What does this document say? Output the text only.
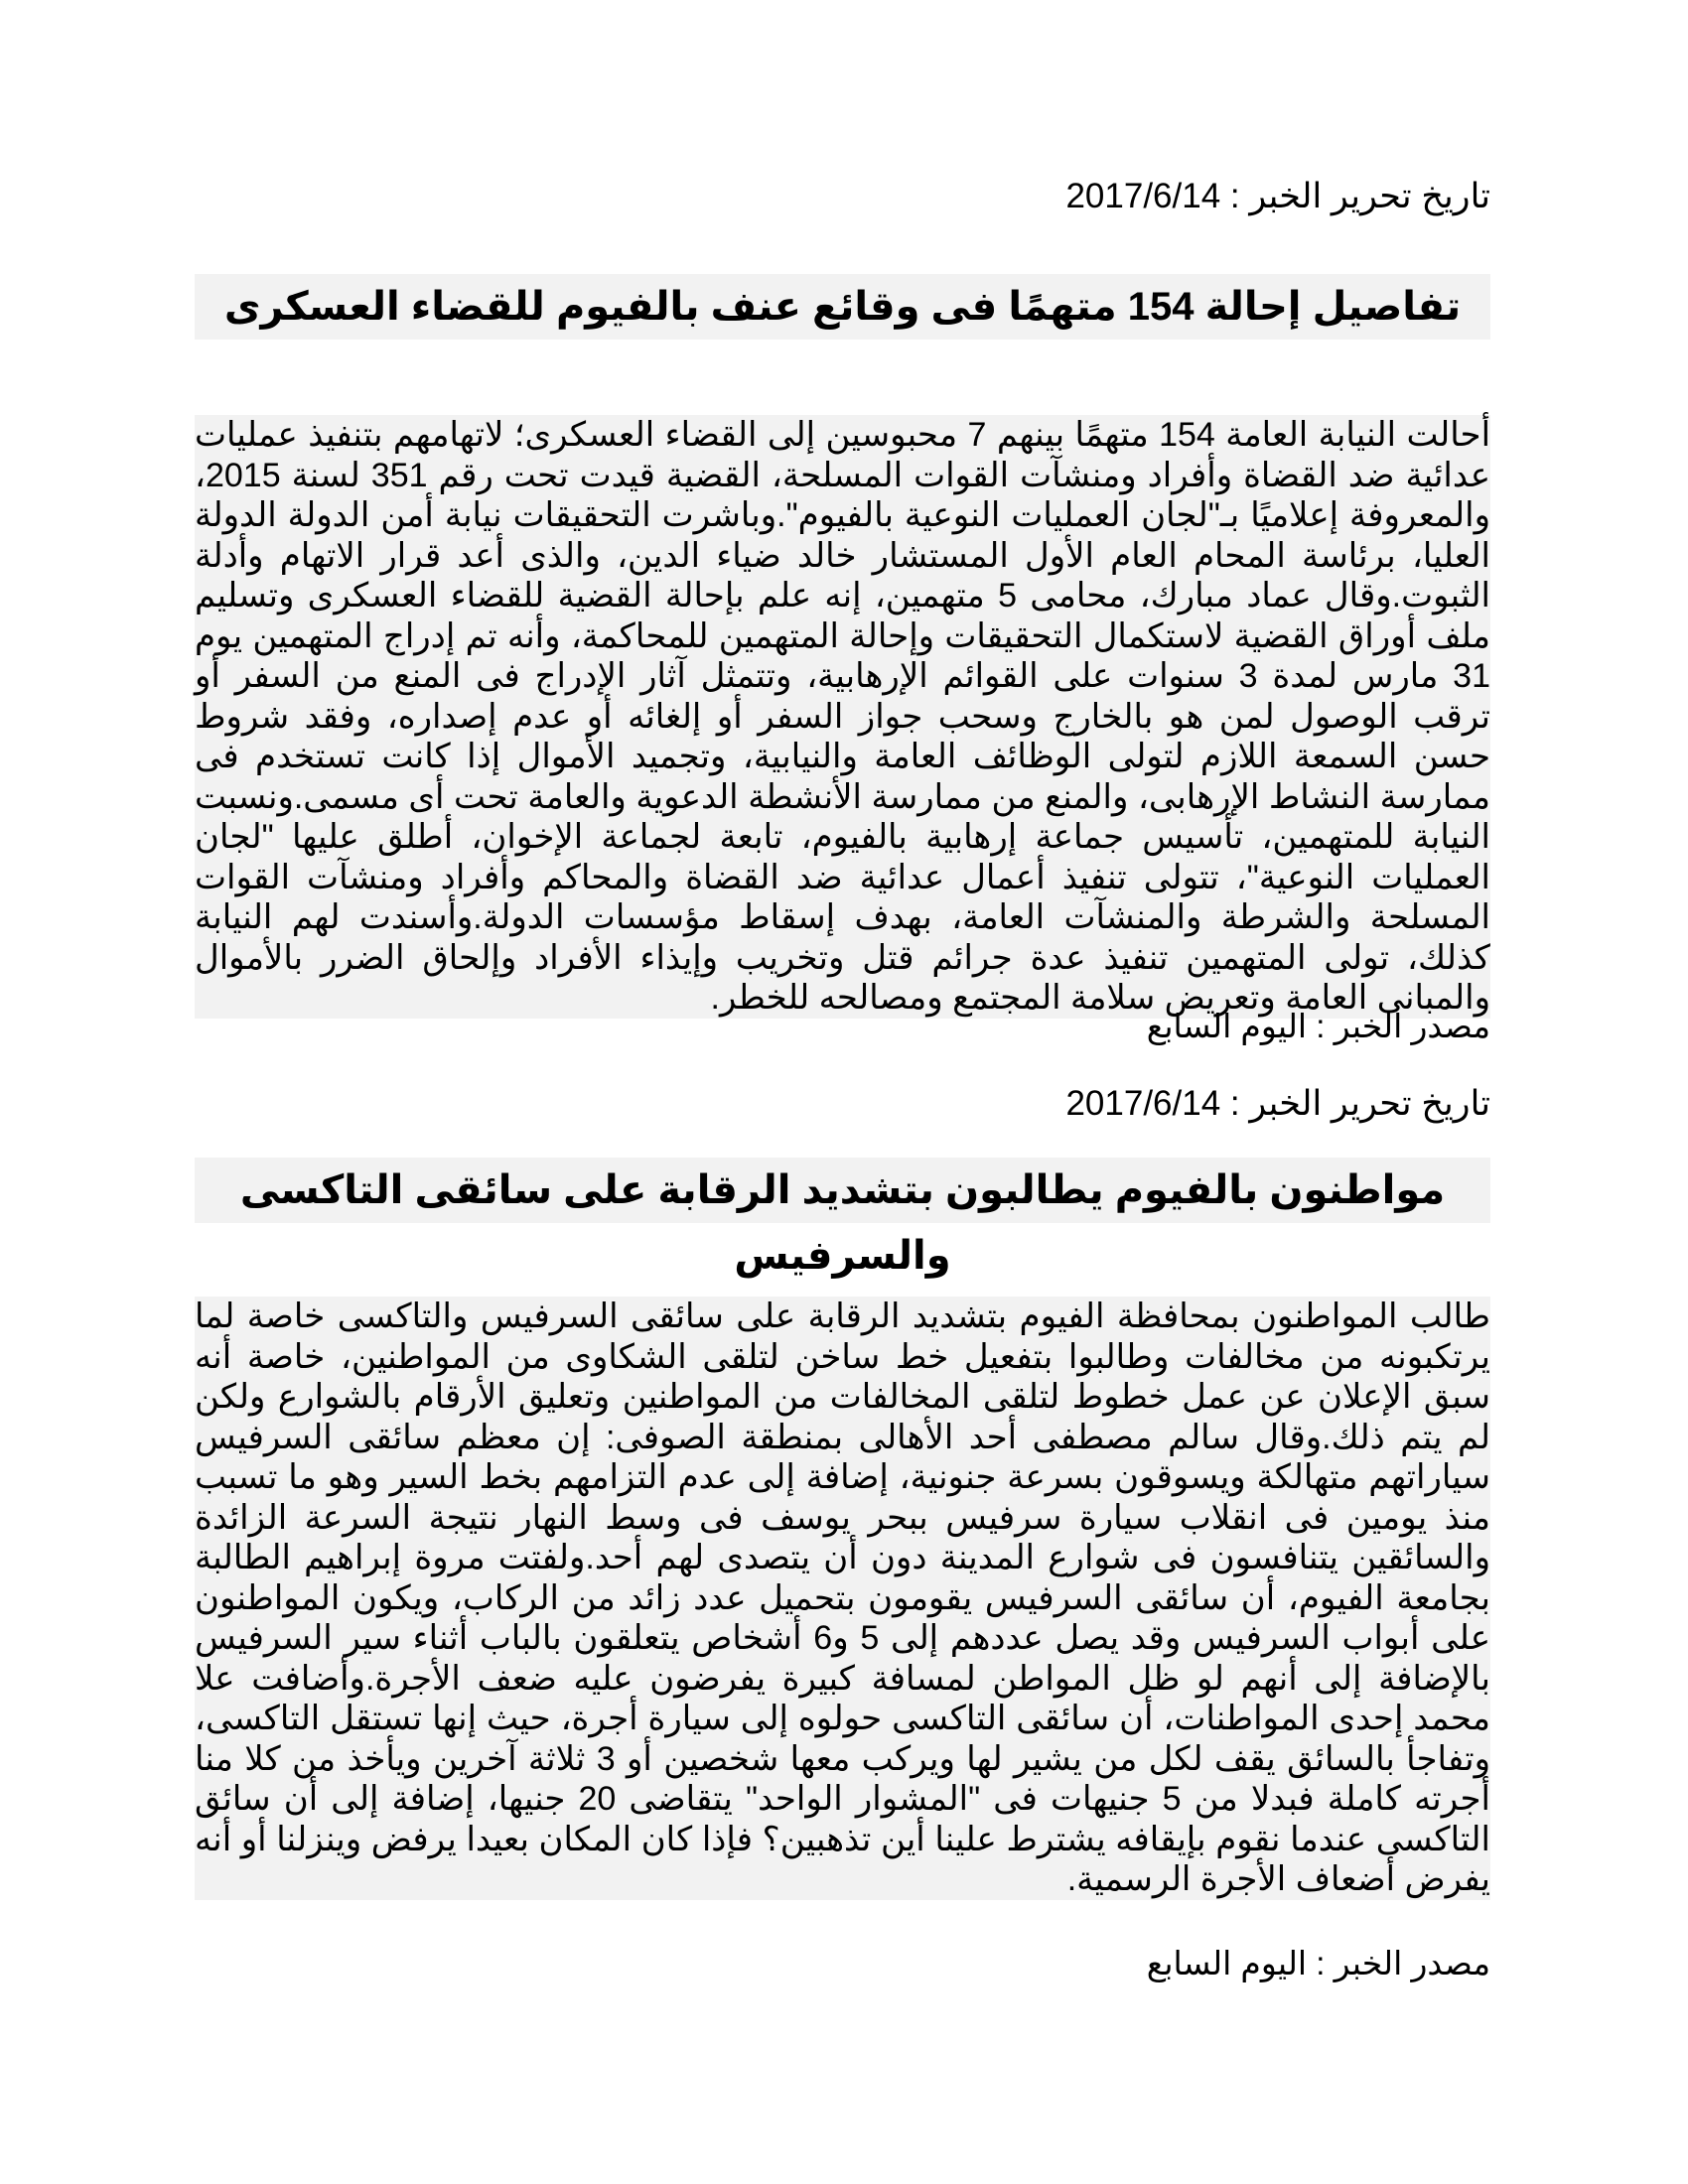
تاريخ تحرير الخبر : 2017/6/14
تفاصيل إحالة 154 متهمًا فى وقائع عنف بالفيوم للقضاء العسكرى
أحالت النيابة العامة 154 متهمًا بينهم 7 محبوسين إلى القضاء العسكرى؛ لاتهامهم بتنفيذ عمليات عدائية ضد القضاة وأفراد ومنشآت القوات المسلحة، القضية قيدت تحت رقم 351 لسنة 2015، والمعروفة إعلاميًا بـ"لجان العمليات النوعية بالفيوم".وباشرت التحقيقات نيابة أمن الدولة الدولة العليا، برئاسة المحام العام الأول المستشار خالد ضياء الدين، والذى أعد قرار الاتهام وأدلة الثبوت.وقال عماد مبارك، محامى 5 متهمين، إنه علم بإحالة القضية للقضاء العسكرى وتسليم ملف أوراق القضية لاستكمال التحقيقات وإحالة المتهمين للمحاكمة، وأنه تم إدراج المتهمين يوم 31 مارس لمدة 3 سنوات على القوائم الإرهابية، وتتمثل آثار الإدراج فى المنع من السفر أو ترقب الوصول لمن هو بالخارج وسحب جواز السفر أو إلغائه أو عدم إصداره، وفقد شروط حسن السمعة اللازم لتولى الوظائف العامة والنيابية، وتجميد الأموال إذا كانت تستخدم فى ممارسة النشاط الإرهابى، والمنع من ممارسة الأنشطة الدعوية والعامة تحت أى مسمى.ونسبت النيابة للمتهمين، تأسيس جماعة إرهابية بالفيوم، تابعة لجماعة الإخوان، أطلق عليها "لجان العمليات النوعية"، تتولى تنفيذ أعمال عدائية ضد القضاة والمحاكم وأفراد ومنشآت القوات المسلحة والشرطة والمنشآت العامة، بهدف إسقاط مؤسسات الدولة.وأسندت لهم النيابة كذلك، تولى المتهمين تنفيذ عدة جرائم قتل وتخريب وإيذاء الأفراد وإلحاق الضرر بالأموال والمبانى العامة وتعريض سلامة المجتمع ومصالحه للخطر.
مصدر الخبر : اليوم السابع
تاريخ تحرير الخبر : 2017/6/14
مواطنون بالفيوم يطالبون بتشديد الرقابة على سائقى التاكسى والسرفيس
طالب المواطنون بمحافظة الفيوم بتشديد الرقابة على سائقى السرفيس والتاكسى خاصة لما يرتكبونه من مخالفات وطالبوا بتفعيل خط ساخن لتلقى الشكاوى من المواطنين، خاصة أنه سبق الإعلان عن عمل خطوط لتلقى المخالفات من المواطنين وتعليق الأرقام بالشوارع ولكن لم يتم ذلك.وقال سالم مصطفى أحد الأهالى بمنطقة الصوفى: إن معظم سائقى السرفيس سياراتهم متهالكة ويسوقون بسرعة جنونية، إضافة إلى عدم التزامهم بخط السير وهو ما تسبب منذ يومين فى انقلاب سيارة سرفيس ببحر يوسف فى وسط النهار نتيجة السرعة الزائدة والسائقين يتنافسون فى شوارع المدينة دون أن يتصدى لهم أحد.ولفتت مروة إبراهيم الطالبة بجامعة الفيوم، أن سائقى السرفيس يقومون بتحميل عدد زائد من الركاب، ويكون المواطنون على أبواب السرفيس وقد يصل عددهم إلى 5 و6 أشخاص يتعلقون بالباب أثناء سير السرفيس بالإضافة إلى أنهم لو ظل المواطن لمسافة كبيرة يفرضون عليه ضعف الأجرة.وأضافت علا محمد إحدى المواطنات، أن سائقى التاكسى حولوه إلى سيارة أجرة، حيث إنها تستقل التاكسى، وتفاجأ بالسائق يقف لكل من يشير لها ويركب معها شخصين أو 3 ثلاثة آخرين ويأخذ من كلا منا أجرته كاملة فبدلا من 5 جنيهات فى "المشوار الواحد" يتقاضى 20 جنيها، إضافة إلى أن سائق التاكسى عندما نقوم بإيقافه يشترط علينا أين تذهبين؟ فإذا كان المكان بعيدا يرفض وينزلنا أو أنه يفرض أضعاف الأجرة الرسمية.
مصدر الخبر : اليوم السابع
